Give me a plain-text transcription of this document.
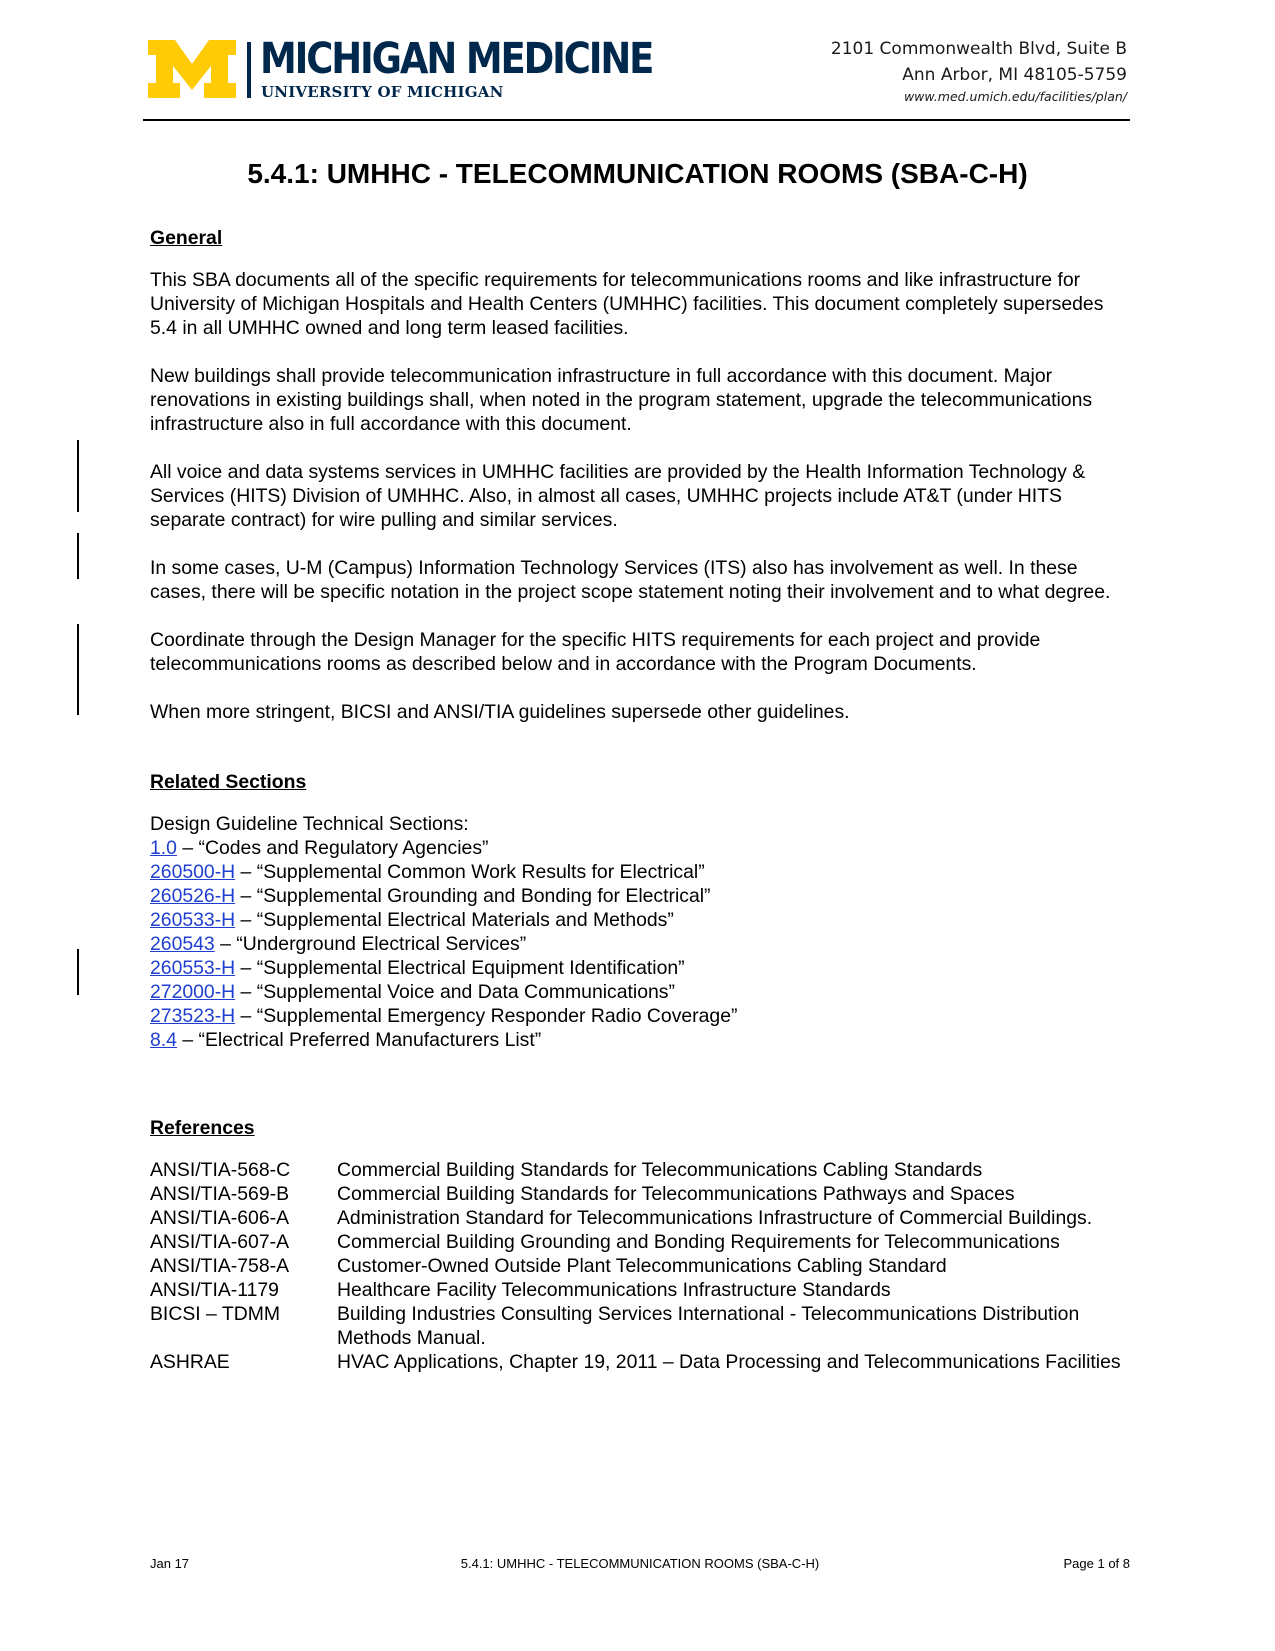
MICHIGAN MEDICINE
UNIVERSITY OF MICHIGAN
2101 Commonwealth Blvd, Suite B
Ann Arbor, MI 48105-5759
www.med.umich.edu/facilities/plan/
5.4.1: UMHHC - TELECOMMUNICATION ROOMS (SBA-C-H)
General

This SBA documents all of the specific requirements for telecommunications rooms and like infrastructure for University of Michigan Hospitals and Health Centers (UMHHC) facilities. This document completely supersedes 5.4 in all UMHHC owned and long term leased facilities.

New buildings shall provide telecommunication infrastructure in full accordance with this document. Major renovations in existing buildings shall, when noted in the program statement, upgrade the telecommunications infrastructure also in full accordance with this document.

All voice and data systems services in UMHHC facilities are provided by the Health Information Technology & Services (HITS) Division of UMHHC. Also, in almost all cases, UMHHC projects include AT&T (under HITS separate contract) for wire pulling and similar services.

In some cases, U-M (Campus) Information Technology Services (ITS) also has involvement as well. In these cases, there will be specific notation in the project scope statement noting their involvement and to what degree.

Coordinate through the Design Manager for the specific HITS requirements for each project and provide telecommunications rooms as described below and in accordance with the Program Documents.

When more stringent, BICSI and ANSI/TIA guidelines supersede other guidelines.

Related Sections
Design Guideline Technical Sections:
1.0 – “Codes and Regulatory Agencies”
260500-H – “Supplemental Common Work Results for Electrical”
260526-H – “Supplemental Grounding and Bonding for Electrical”
260533-H – “Supplemental Electrical Materials and Methods”
260543 – “Underground Electrical Services”
260553-H – “Supplemental Electrical Equipment Identification”
272000-H – “Supplemental Voice and Data Communications”
273523-H – “Supplemental Emergency Responder Radio Coverage”
8.4 – “Electrical Preferred Manufacturers List”
References
ANSI/TIA-568-C	Commercial Building Standards for Telecommunications Cabling Standards
ANSI/TIA-569-B	Commercial Building Standards for Telecommunications Pathways and Spaces
ANSI/TIA-606-A	Administration Standard for Telecommunications Infrastructure of Commercial Buildings.
ANSI/TIA-607-A	Commercial Building Grounding and Bonding Requirements for Telecommunications
ANSI/TIA-758-A	Customer-Owned Outside Plant Telecommunications Cabling Standard
ANSI/TIA-1179	Healthcare Facility Telecommunications Infrastructure Standards
BICSI – TDMM	Building Industries Consulting Services International - Telecommunications Distribution Methods Manual.
ASHRAE	HVAC Applications, Chapter 19, 2011 – Data Processing and Telecommunications Facilities
Jan 17	5.4.1: UMHHC - TELECOMMUNICATION ROOMS (SBA-C-H)	Page 1 of 8
